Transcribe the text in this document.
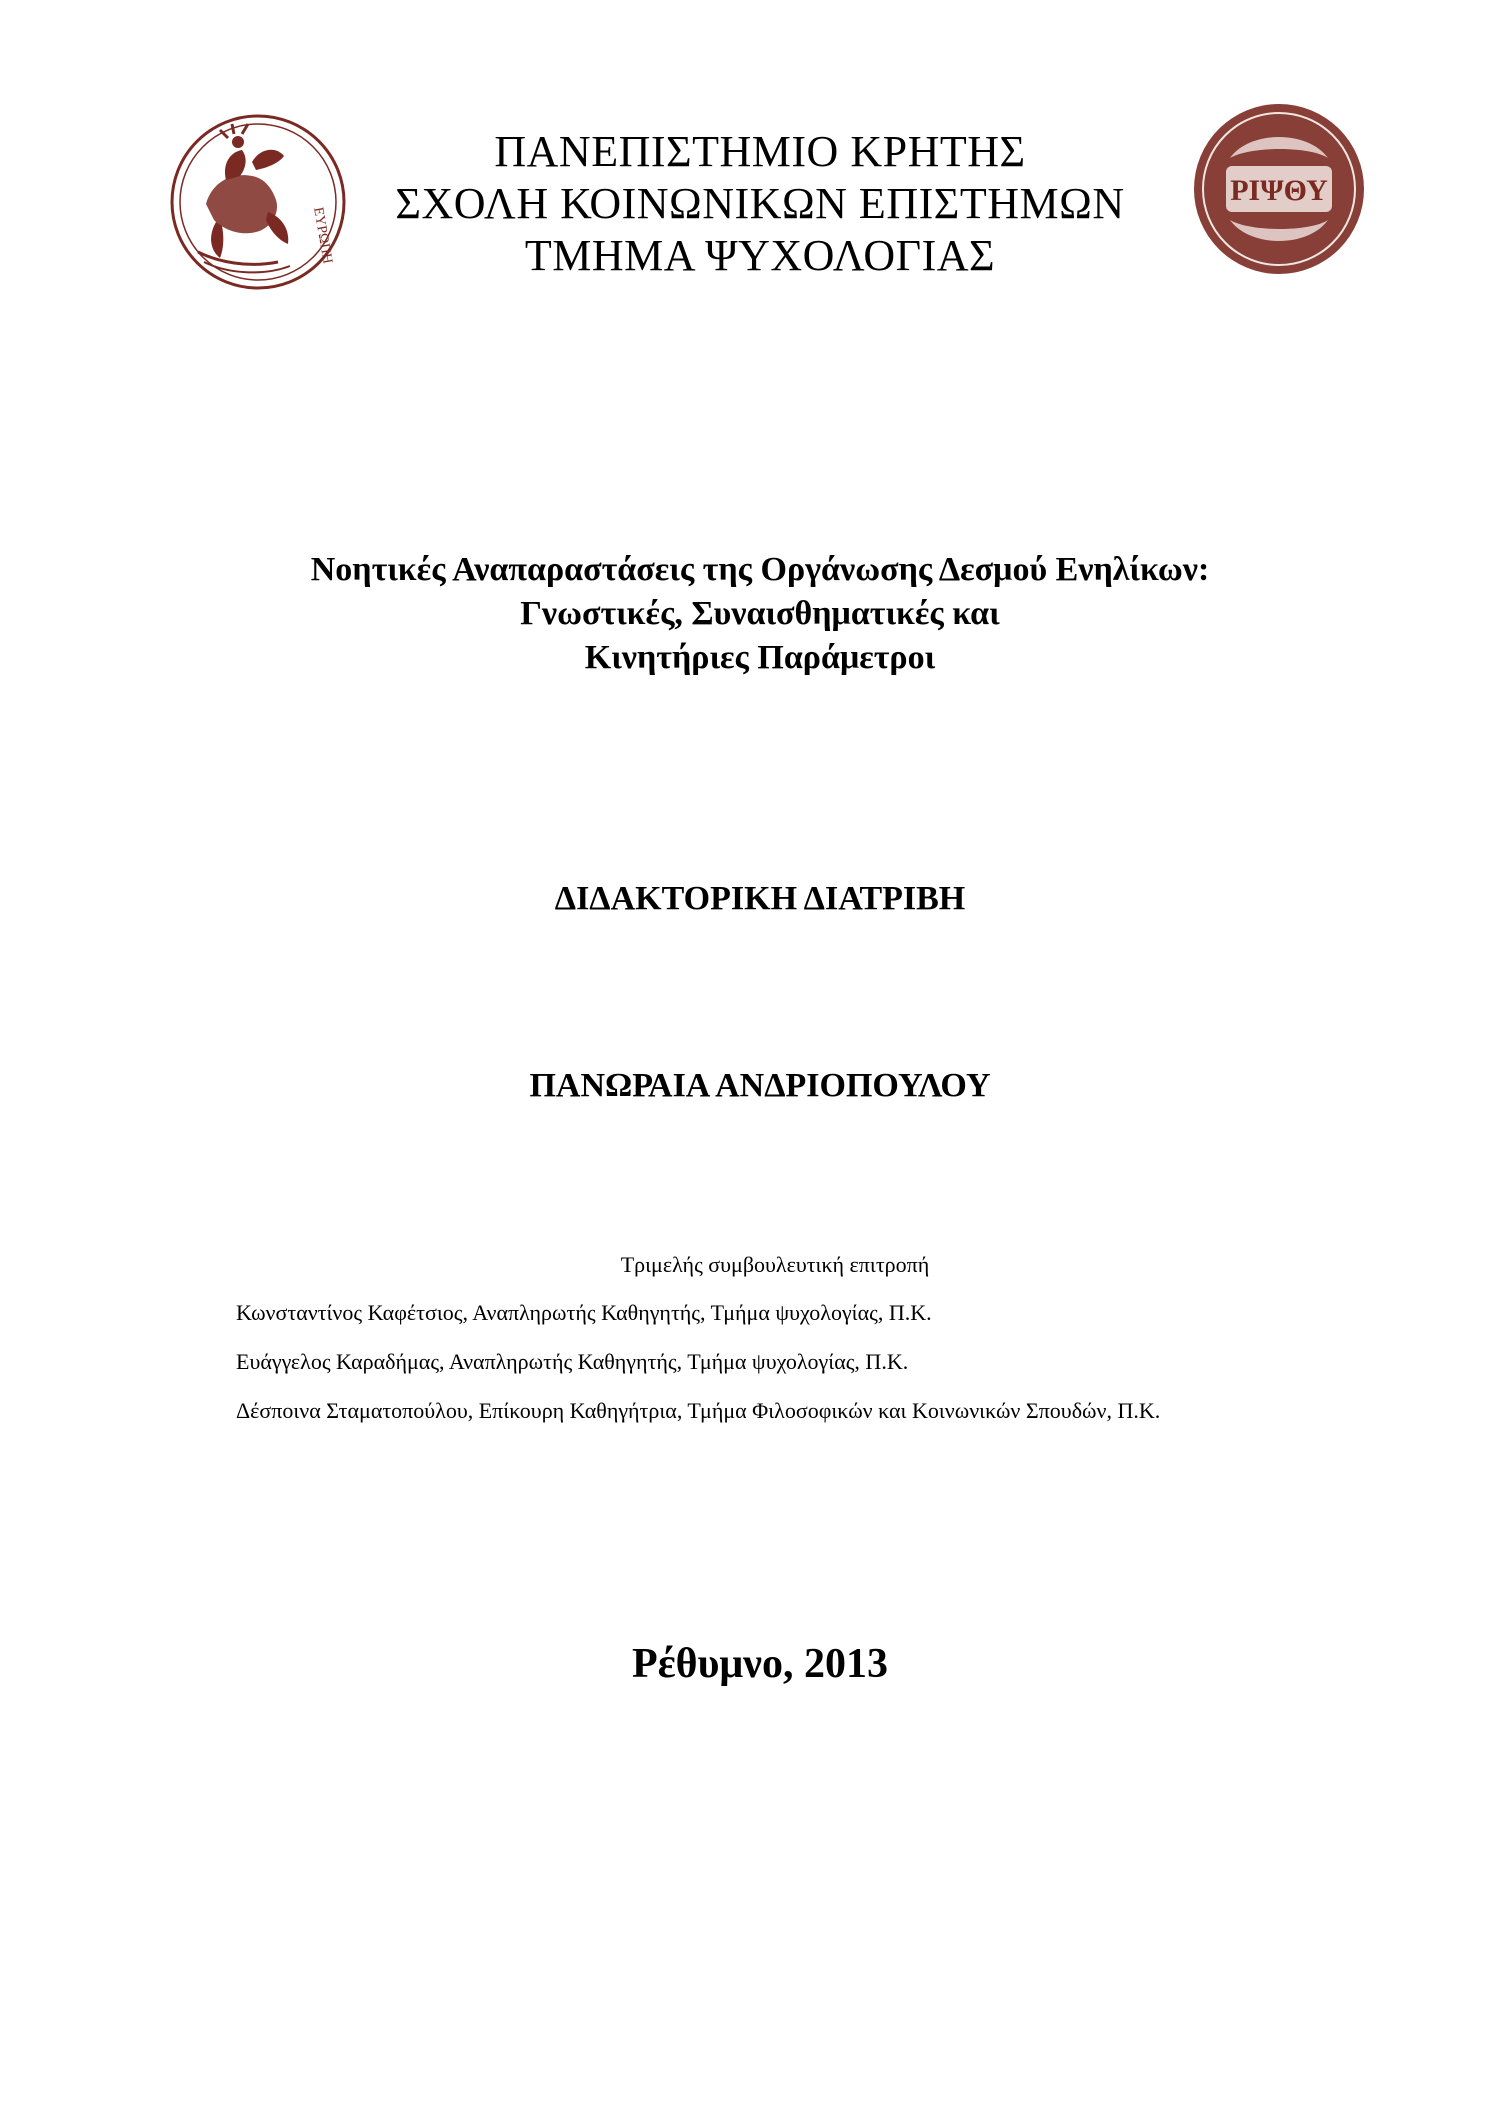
ΕΥΡΩΠΗ
ΠΑΝΕΠΙΣΤΗΜΙΟ ΚΡΗΤΗΣ
ΣΧΟΛΗ ΚΟΙΝΩΝΙΚΩΝ ΕΠΙΣΤΗΜΩΝ
ΤΜΗΜΑ ΨΥΧΟΛΟΓΙΑΣ
ΡΙΨΘΥ
Νοητικές Αναπαραστάσεις της Οργάνωσης Δεσμού Ενηλίκων:
Γνωστικές, Συναισθηματικές και
Κινητήριες Παράμετροι
ΔΙΔΑΚΤΟΡΙΚΗ ΔΙΑΤΡΙΒΗ
ΠΑΝΩΡΑΙΑ ΑΝΔΡΙΟΠΟΥΛΟΥ
Τριμελής συμβουλευτική επιτροπή

Κωνσταντίνος Καφέτσιος, Αναπληρωτής Καθηγητής, Τμήμα ψυχολογίας, Π.Κ.

Ευάγγελος Καραδήμας, Αναπληρωτής Καθηγητής, Τμήμα ψυχολογίας, Π.Κ.

Δέσποινα Σταματοπούλου, Επίκουρη Καθηγήτρια, Τμήμα Φιλοσοφικών και Κοινωνικών Σπουδών, Π.Κ.

Ρέθυμνο, 2013
